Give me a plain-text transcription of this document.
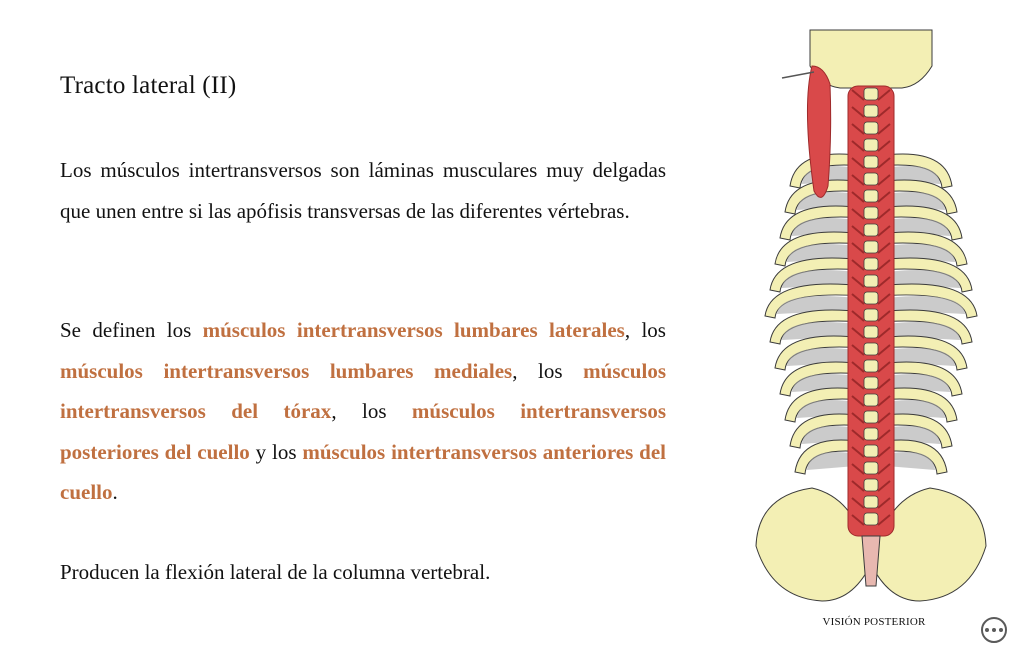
Tracto lateral (II)

Los músculos intertransversos son láminas musculares muy delgadas que unen entre si las apófisis transversas de las diferentes vértebras.

Se definen los músculos intertransversos lumbares laterales, los músculos intertransversos lumbares mediales, los músculos intertransversos del tórax, los músculos intertransversos posteriores del cuello y los músculos intertransversos anteriores del cuello.

Producen la flexión lateral de la columna vertebral.

VISIÓN POSTERIOR
